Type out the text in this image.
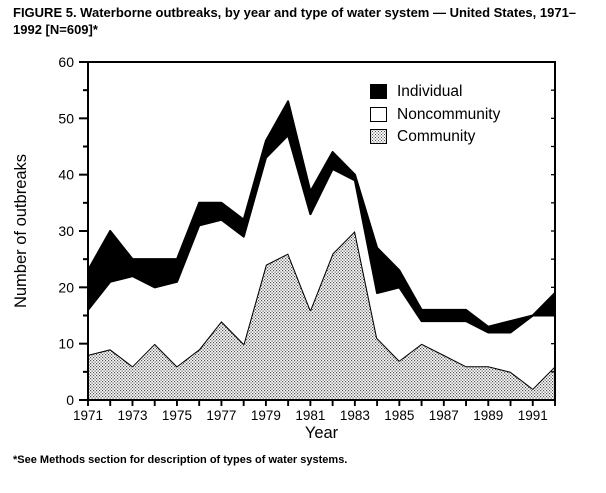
FIGURE 5. Waterborne outbreaks, by year and type of water system — United States, 1971–1992 [N=609]*
0
10
20
30
40
50
60
Number of outbreaks
1971 1973 1975 1977 1979 1981 1983 1985 1987 1989 1991
Year
Individual
Noncommunity
Community
*See Methods section for description of types of water systems.
